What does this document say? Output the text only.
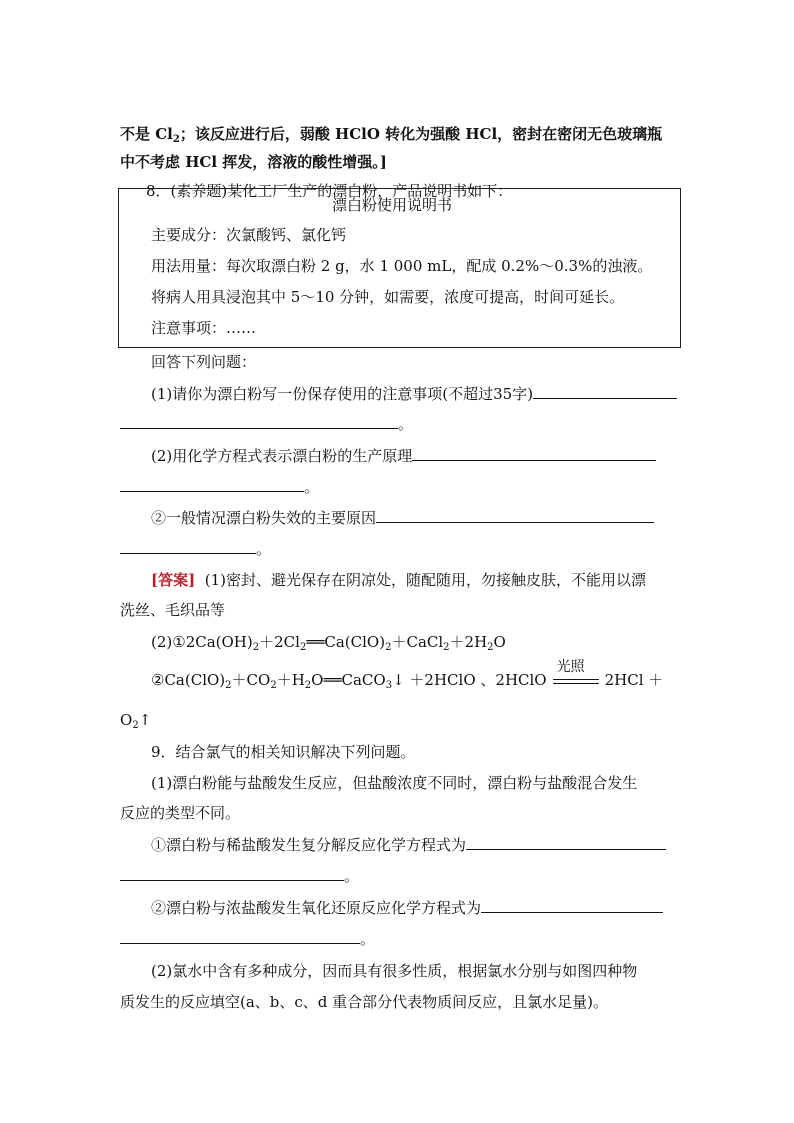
不是 $Cl_2$；该反应进行后，弱酸 HClO 转化为强酸 HCl，密封在密闭无色玻璃瓶
中不考虑 HCl 挥发，溶液的酸性增强。]
8．(素养题)某化工厂生产的漂白粉，产品说明书如下：
漂白粉使用说明书
主要成分：次氯酸钙、氯化钙
用法用量：每次取漂白粉 2 g，水 1 000 mL，配成 0.2%～0.3%的浊液。
将病人用具浸泡其中 5～10 分钟，如需要，浓度可提高，时间可延长。
注意事项：……
回答下列问题：
(1)请你为漂白粉写一份保存使用的注意事项(不超过35字)
。
(2)用化学方程式表示漂白粉的生产原理
。
②一般情况漂白粉失效的主要原因
。
[答案] (1)密封、避光保存在阴凉处，随配随用，勿接触皮肤，不能用以漂
洗丝、毛织品等
$(2)①2Ca(OH)_2+2Cl_2══Ca(ClO)_2+CaCl_2+2H_2O$
$②Ca(ClO)_2+CO_2+H_2O══CaCO_3↓$ ＋2HClO 、2HClO
光照
2HCl ＋
$O_2↑$
9．结合氯气的相关知识解决下列问题。
(1)漂白粉能与盐酸发生反应，但盐酸浓度不同时，漂白粉与盐酸混合发生
反应的类型不同。
①漂白粉与稀盐酸发生复分解反应化学方程式为
。
②漂白粉与浓盐酸发生氧化还原反应化学方程式为
。
(2)氯水中含有多种成分，因而具有很多性质，根据氯水分别与如图四种物
质发生的反应填空(a、b、c、d 重合部分代表物质间反应，且氯水足量)。
